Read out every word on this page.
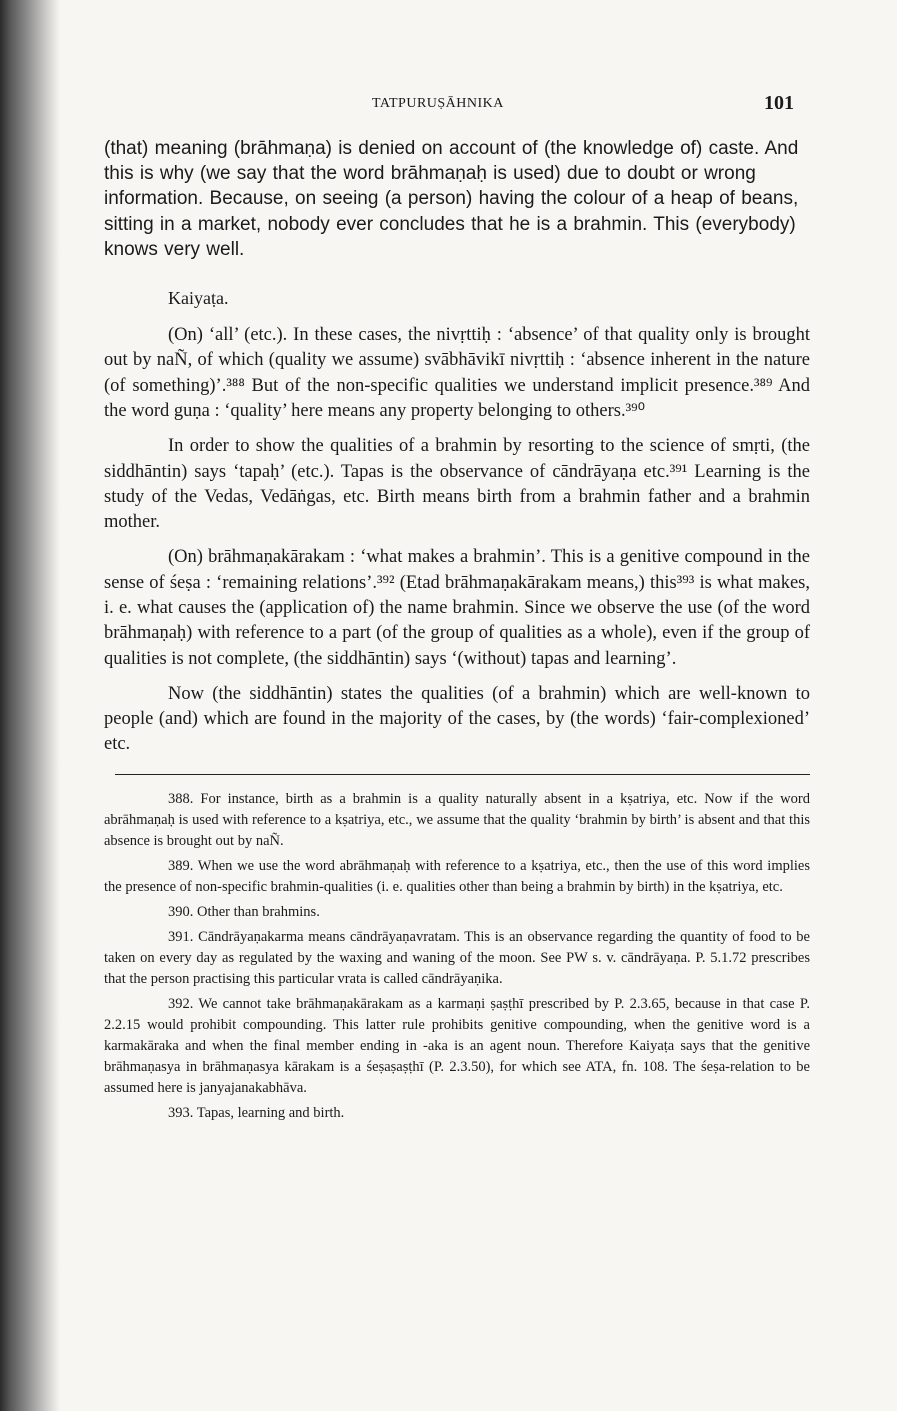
TATPURUṢĀHNIKA	101

(that) meaning (brāhmaṇa) is denied on account of (the knowledge of) caste. And this is why (we say that the word brāhmaṇaḥ is used) due to doubt or wrong information. Because, on seeing (a person) having the colour of a heap of beans, sitting in a market, nobody ever concludes that he is a brahmin. This (everybody) knows very well.

Kaiyaṭa.

(On) ‘all’ (etc.). In these cases, the nivṛttiḥ : ‘absence’ of that quality only is brought out by naÑ, of which (quality we assume) svābhāvikī nivṛttiḥ : ‘absence inherent in the nature (of something)’.³⁸⁸ But of the non-specific qualities we understand implicit presence.³⁸⁹ And the word guṇa : ‘quality’ here means any property belonging to others.³⁹⁰

In order to show the qualities of a brahmin by resorting to the science of smṛti, (the siddhāntin) says ‘tapaḥ’ (etc.). Tapas is the observance of cāndrāyaṇa etc.³⁹¹ Learning is the study of the Vedas, Vedāṅgas, etc. Birth means birth from a brahmin father and a brahmin mother.

(On) brāhmaṇakārakam : ‘what makes a brahmin’. This is a genitive compound in the sense of śeṣa : ‘remaining relations’.³⁹² (Etad brāhmaṇakārakam means,) this³⁹³ is what makes, i. e. what causes the (application of) the name brahmin. Since we observe the use (of the word brāhmaṇaḥ) with reference to a part (of the group of qualities as a whole), even if the group of qualities is not complete, (the siddhāntin) says ‘(without) tapas and learning’.

Now (the siddhāntin) states the qualities (of a brahmin) which are well-known to people (and) which are found in the majority of the cases, by (the words) ‘fair-complexioned’ etc.

388. For instance, birth as a brahmin is a quality naturally absent in a kṣatriya, etc. Now if the word abrāhmaṇaḥ is used with reference to a kṣatriya, etc., we assume that the quality ‘brahmin by birth’ is absent and that this absence is brought out by naÑ.

389. When we use the word abrāhmaṇaḥ with reference to a kṣatriya, etc., then the use of this word implies the presence of non-specific brahmin-qualities (i. e. qualities other than being a brahmin by birth) in the kṣatriya, etc.

390. Other than brahmins.

391. Cāndrāyaṇakarma means cāndrāyaṇavratam. This is an observance regarding the quantity of food to be taken on every day as regulated by the waxing and waning of the moon. See PW s. v. cāndrāyaṇa. P. 5.1.72 prescribes that the person practising this particular vrata is called cāndrāyaṇika.

392. We cannot take brāhmaṇakārakam as a karmaṇi ṣaṣṭhī prescribed by P. 2.3.65, because in that case P. 2.2.15 would prohibit compounding. This latter rule prohibits genitive compounding, when the genitive word is a karmakāraka and when the final member ending in -aka is an agent noun. Therefore Kaiyaṭa says that the genitive brāhmaṇasya in brāhmaṇasya kārakam is a śeṣaṣaṣṭhī (P. 2.3.50), for which see ATA, fn. 108. The śeṣa-relation to be assumed here is janyajanakabhāva.

393. Tapas, learning and birth.
